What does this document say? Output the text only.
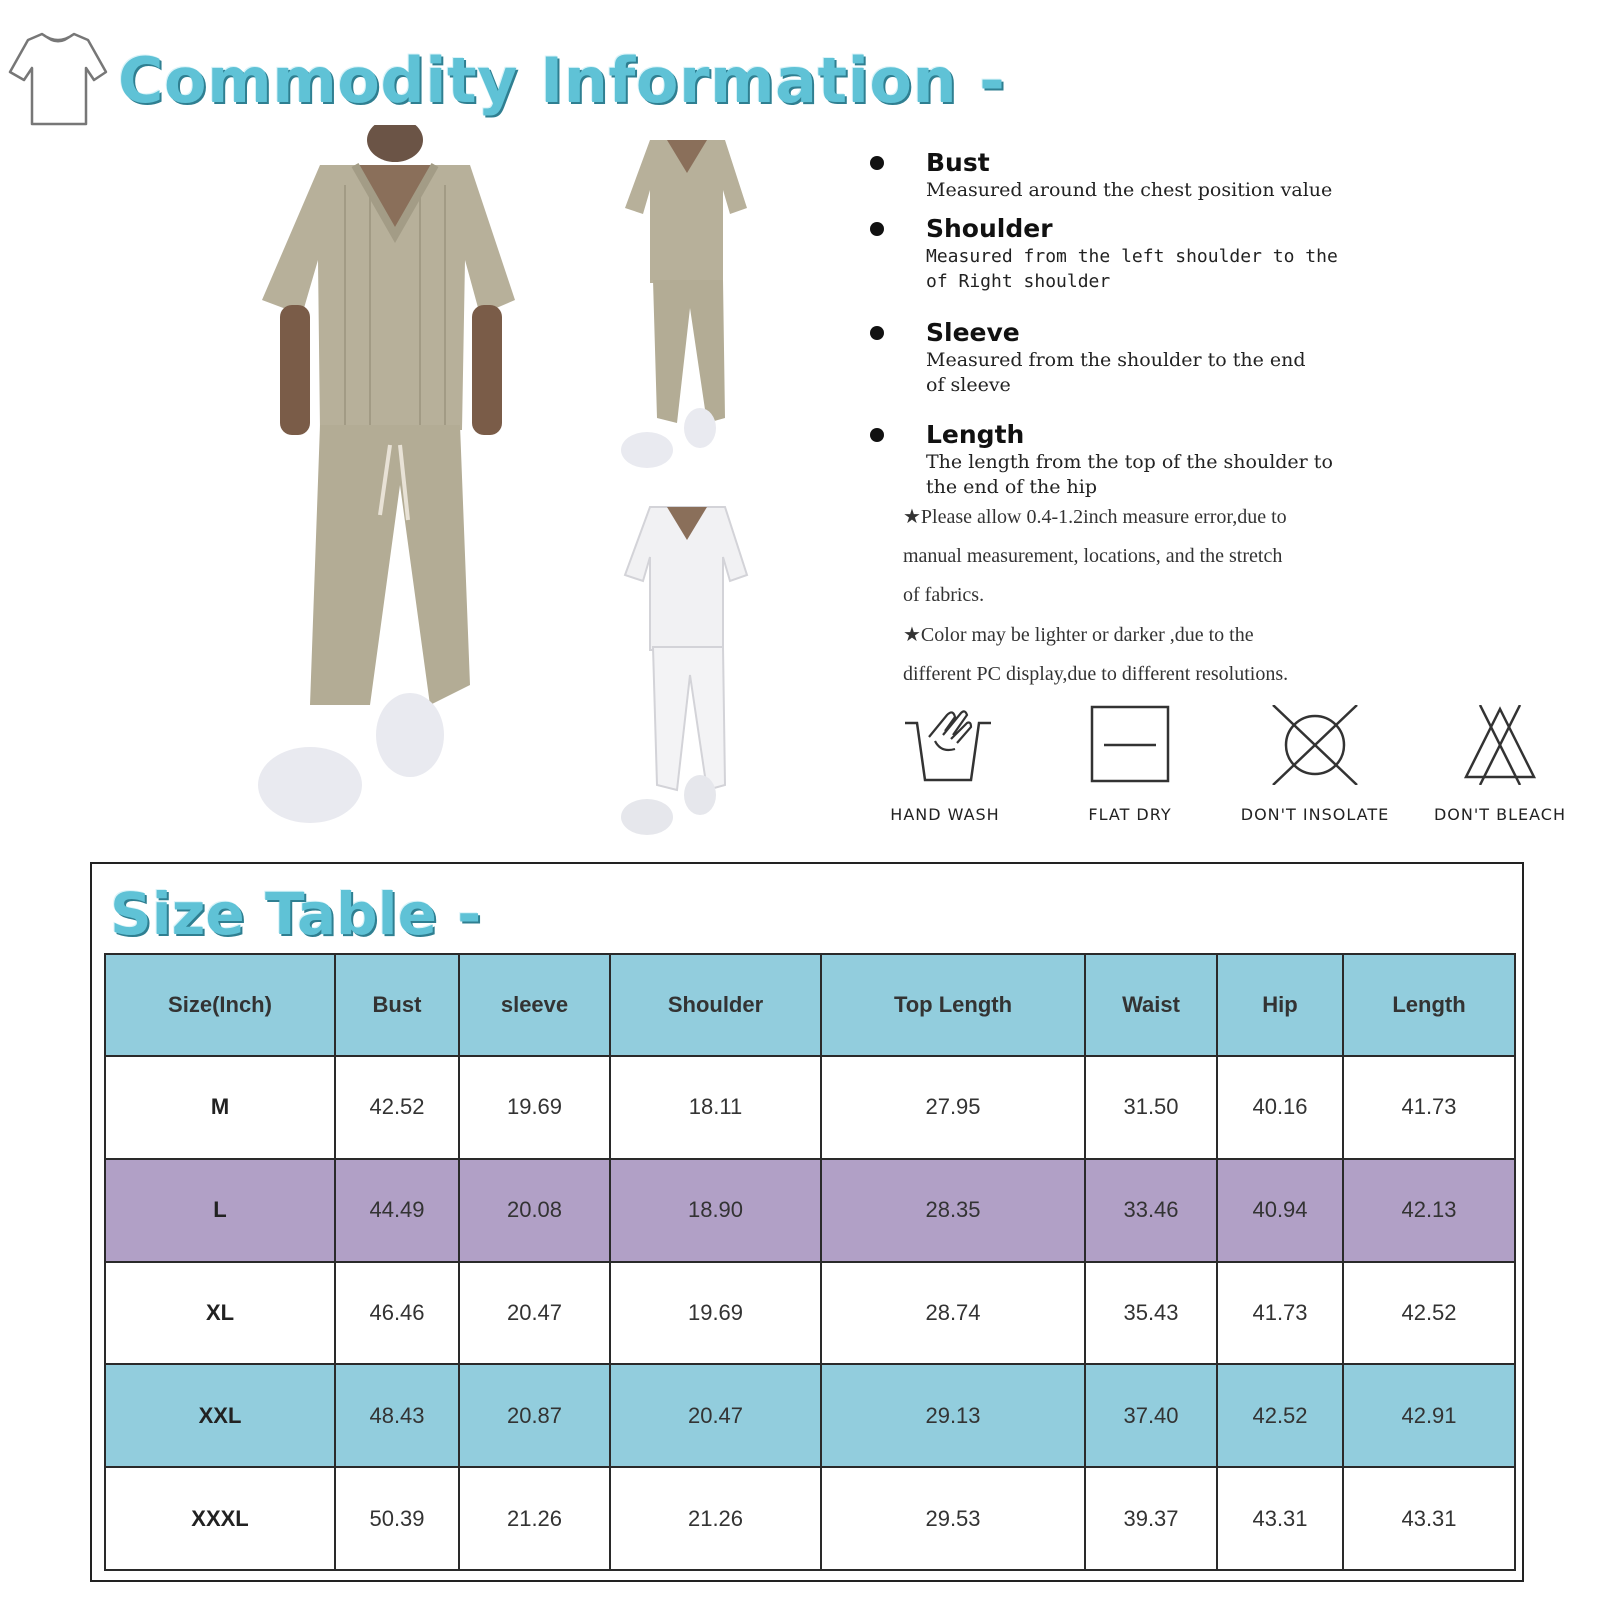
Commodity Information -
Bust
Measured around the chest position value
Shoulder
Measured from the left shoulder to the
of Right shoulder
Sleeve
Measured from the shoulder to the end
of sleeve
Length
The length from the top of the shoulder to
the end of the hip
★Please allow 0.4-1.2inch measure error,due to
manual measurement, locations, and the stretch
of fabrics.
★Color may be lighter or darker ,due to the
different PC display,due to different resolutions.
HAND WASH	FLAT DRY	DON'T INSOLATE	DON'T BLEACH
Size Table -
Size(Inch)	Bust	sleeve	Shoulder	Top Length	Waist	Hip	Length
M	42.52	19.69	18.11	27.95	31.50	40.16	41.73
L	44.49	20.08	18.90	28.35	33.46	40.94	42.13
XL	46.46	20.47	19.69	28.74	35.43	41.73	42.52
XXL	48.43	20.87	20.47	29.13	37.40	42.52	42.91
XXXL	50.39	21.26	21.26	29.53	39.37	43.31	43.31
